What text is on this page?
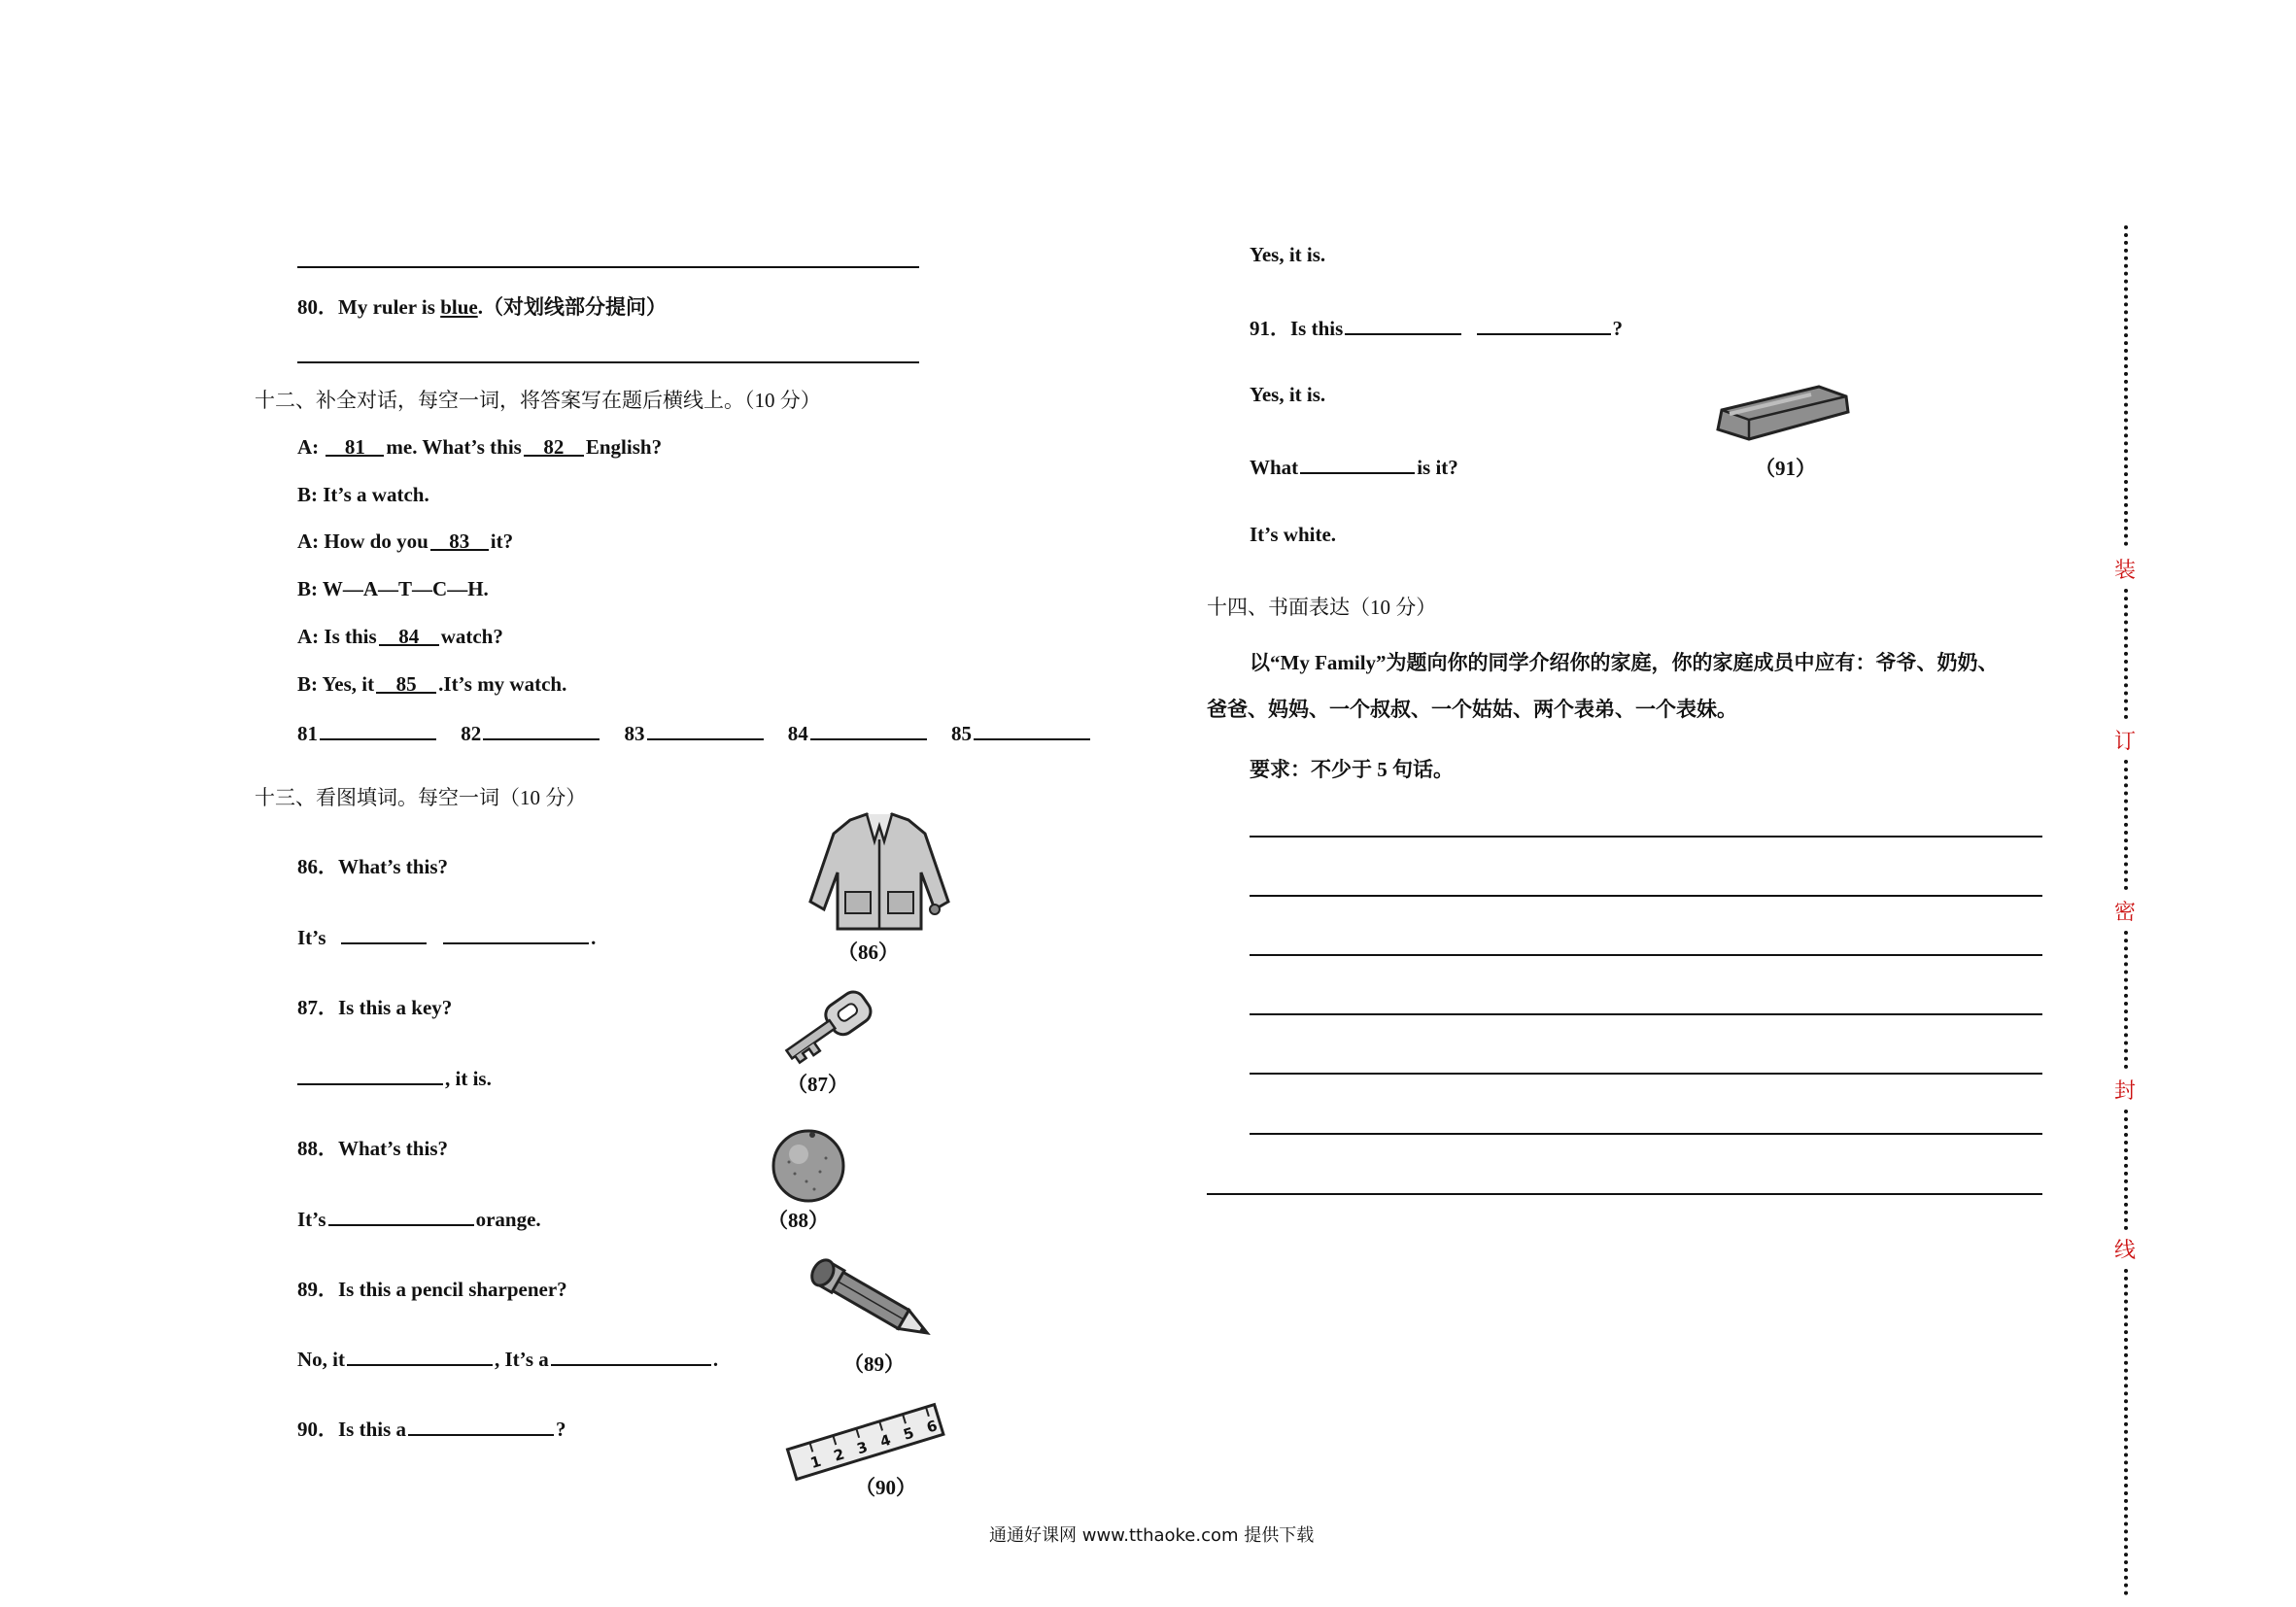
80．My ruler is blue.（对划线部分提问）
十二、补全对话，每空一词，将答案写在题后横线上。（10 分）
A: 81 me. What’s this 82 English?
B: It’s a watch.
A: How do you 83 it?
B: W—A—T—C—H.
A: Is this 84 watch?
B: Yes, it 85 .It’s my watch.
81	82	83	84	85
十三、看图填词。每空一词（10 分）
86．What’s this?
It’s	.
（86）
87．Is this a key?
, it is.	（87）
88．What’s this?
It’s	orange.	（88）
89．Is this a pencil sharpener?
No, it	, It’s a	.	（89）
90．Is this a	?
1 2 3 4 5 6
（90）
Yes, it is.
91．Is this	?
Yes, it is.
What	is it?	（91）
It’s white.
十四、书面表达（10 分）
以“My Family”为题向你的同学介绍你的家庭，你的家庭成员中应有：爷爷、奶奶、
爸爸、妈妈、一个叔叔、一个姑姑、两个表弟、一个表妹。
要求：不少于 5 句话。
装
订
密
封
线
通通好课网 www.tthaoke.com 提供下载
